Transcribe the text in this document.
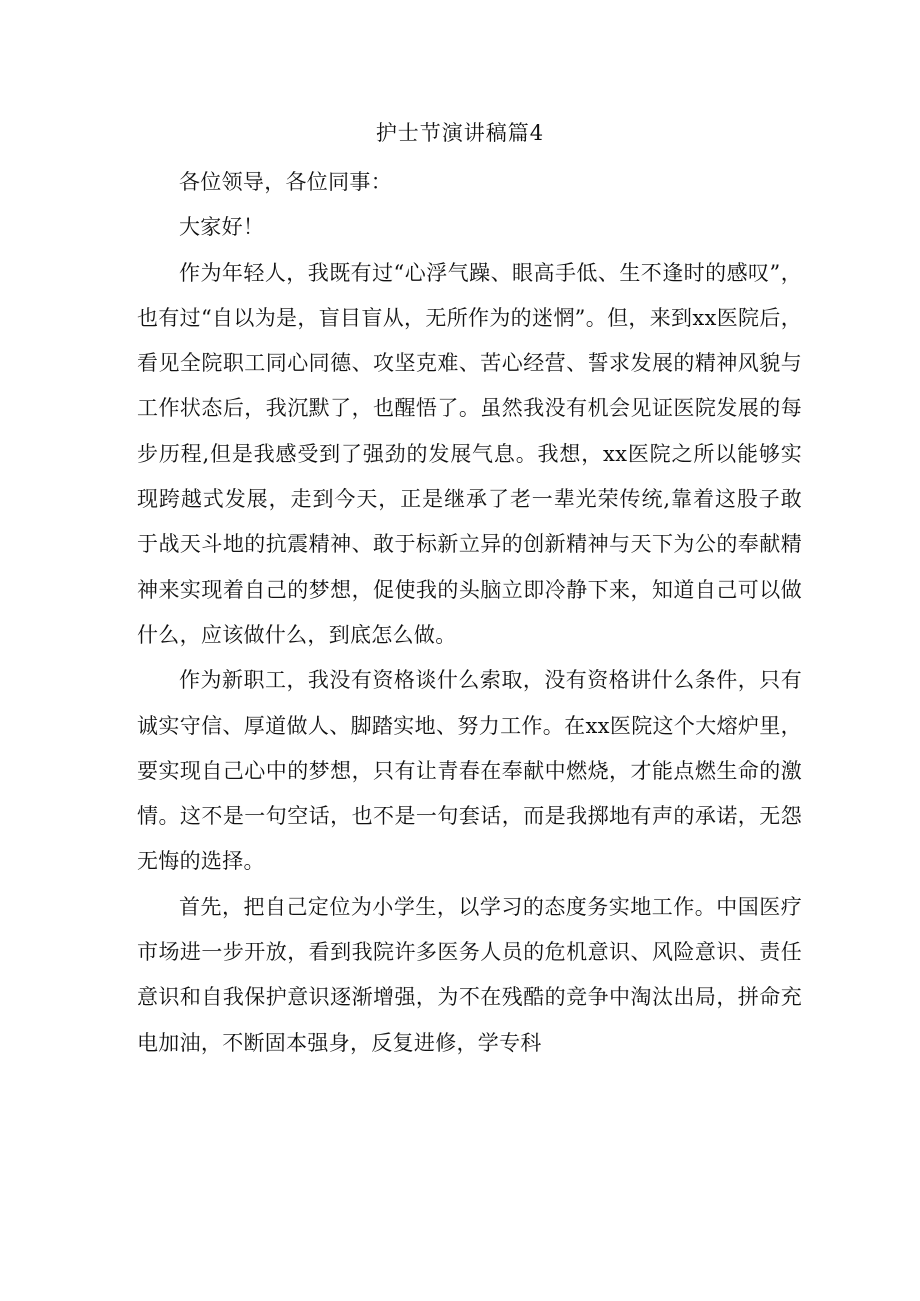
护士节演讲稿篇4

各位领导，各位同事：

大家好！

作为年轻人，我既有过“心浮气躁、眼高手低、生不逢时的感叹”，也有过“自以为是，盲目盲从，无所作为的迷惘”。但，来到xx医院后，看见全院职工同心同德、攻坚克难、苦心经营、誓求发展的精神风貌与工作状态后，我沉默了，也醒悟了。虽然我没有机会见证医院发展的每步历程,但是我感受到了强劲的发展气息。我想，xx医院之所以能够实现跨越式发展，走到今天，正是继承了老一辈光荣传统,靠着这股子敢于战天斗地的抗震精神、敢于标新立异的创新精神与天下为公的奉献精神来实现着自己的梦想，促使我的头脑立即冷静下来，知道自己可以做什么，应该做什么，到底怎么做。

作为新职工，我没有资格谈什么索取，没有资格讲什么条件，只有诚实守信、厚道做人、脚踏实地、努力工作。在xx医院这个大熔炉里，要实现自己心中的梦想，只有让青春在奉献中燃烧，才能点燃生命的激情。这不是一句空话，也不是一句套话，而是我掷地有声的承诺，无怨无悔的选择。

首先，把自己定位为小学生，以学习的态度务实地工作。中国医疗市场进一步开放，看到我院许多医务人员的危机意识、风险意识、责任意识和自我保护意识逐渐增强，为不在残酷的竞争中淘汰出局，拼命充电加油，不断固本强身，反复进修，学专科
